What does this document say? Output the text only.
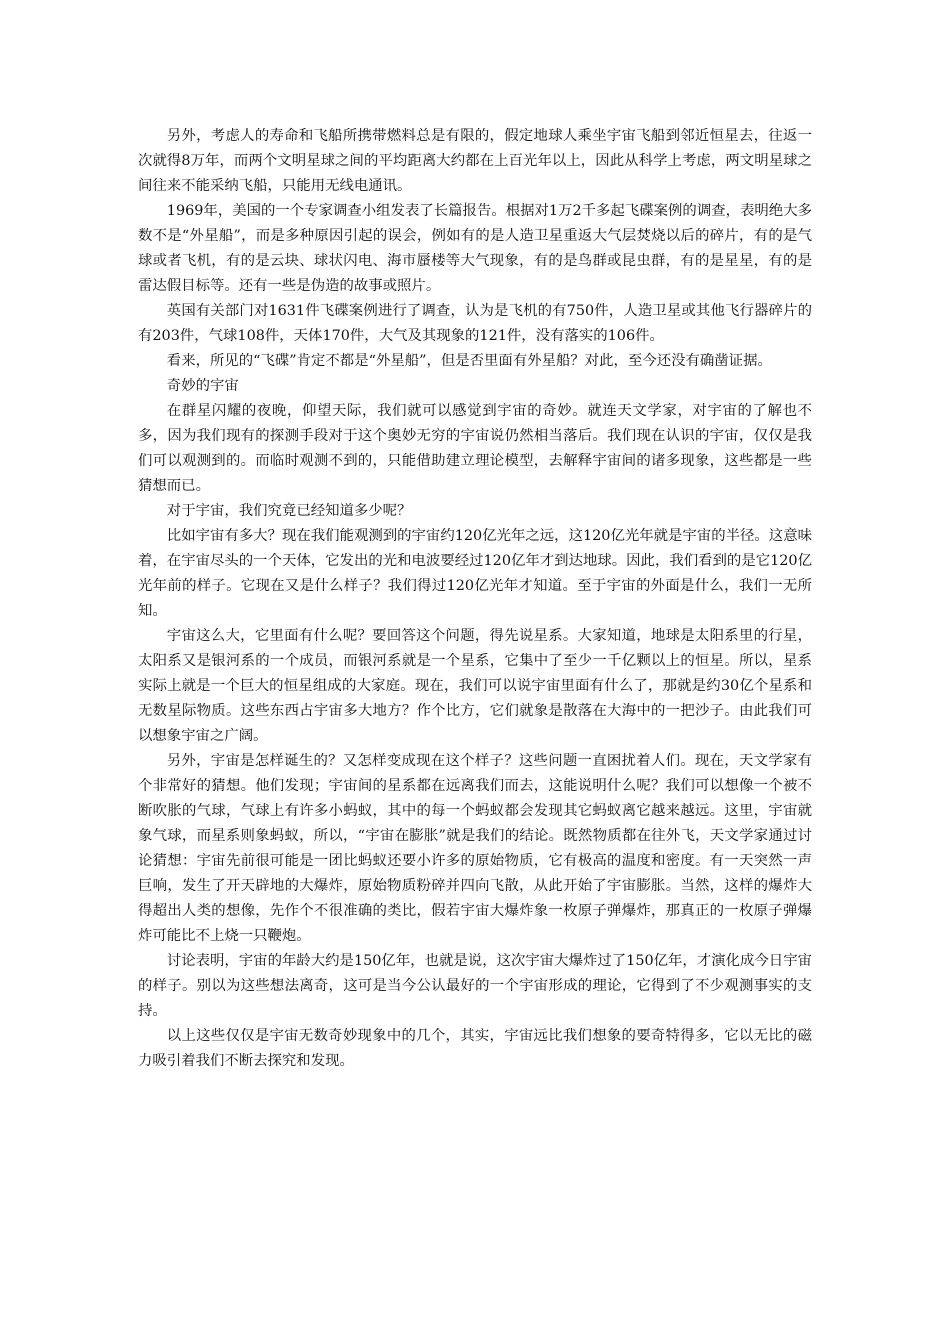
另外，考虑人的寿命和飞船所携带燃料总是有限的，假定地球人乘坐宇宙飞船到邻近恒星去，往返一次就得8万年，而两个文明星球之间的平均距离大约都在上百光年以上，因此从科学上考虑，两文明星球之间往来不能采纳飞船，只能用无线电通讯。

1969年，美国的一个专家调查小组发表了长篇报告。根据对1万2千多起飞碟案例的调查，表明绝大多数不是“外星船”，而是多种原因引起的误会，例如有的是人造卫星重返大气层焚烧以后的碎片，有的是气球或者飞机，有的是云块、球状闪电、海市蜃楼等大气现象，有的是鸟群或昆虫群，有的是星星，有的是雷达假目标等。还有一些是伪造的故事或照片。

英国有关部门对1631件飞碟案例进行了调查，认为是飞机的有750件，人造卫星或其他飞行器碎片的有203件，气球108件，天体170件，大气及其现象的121件，没有落实的106件。

看来，所见的“飞碟”肯定不都是“外星船”，但是否里面有外星船？对此，至今还没有确凿证据。

奇妙的宇宙

在群星闪耀的夜晚，仰望天际，我们就可以感觉到宇宙的奇妙。就连天文学家，对宇宙的了解也不多，因为我们现有的探测手段对于这个奥妙无穷的宇宙说仍然相当落后。我们现在认识的宇宙，仅仅是我们可以观测到的。而临时观测不到的，只能借助建立理论模型，去解释宇宙间的诸多现象，这些都是一些猜想而已。

对于宇宙，我们究竟已经知道多少呢？

比如宇宙有多大？现在我们能观测到的宇宙约120亿光年之远，这120亿光年就是宇宙的半径。这意味着，在宇宙尽头的一个天体，它发出的光和电波要经过120亿年才到达地球。因此，我们看到的是它120亿光年前的样子。它现在又是什么样子？我们得过120亿光年才知道。至于宇宙的外面是什么，我们一无所知。

宇宙这么大，它里面有什么呢？要回答这个问题，得先说星系。大家知道，地球是太阳系里的行星，太阳系又是银河系的一个成员，而银河系就是一个星系，它集中了至少一千亿颗以上的恒星。所以，星系实际上就是一个巨大的恒星组成的大家庭。现在，我们可以说宇宙里面有什么了，那就是约30亿个星系和无数星际物质。这些东西占宇宙多大地方？作个比方，它们就象是散落在大海中的一把沙子。由此我们可以想象宇宙之广阔。

另外，宇宙是怎样诞生的？又怎样变成现在这个样子？这些问题一直困扰着人们。现在，天文学家有个非常好的猜想。他们发现；宇宙间的星系都在远离我们而去，这能说明什么呢？我们可以想像一个被不断吹胀的气球，气球上有许多小蚂蚁，其中的每一个蚂蚁都会发现其它蚂蚁离它越来越远。这里，宇宙就象气球，而星系则象蚂蚁，所以，“宇宙在膨胀”就是我们的结论。既然物质都在往外飞，天文学家通过讨论猜想：宇宙先前很可能是一团比蚂蚁还要小许多的原始物质，它有极高的温度和密度。有一天突然一声巨响，发生了开天辟地的大爆炸，原始物质粉碎并四向飞散，从此开始了宇宙膨胀。当然，这样的爆炸大得超出人类的想像，先作个不很准确的类比，假若宇宙大爆炸象一枚原子弹爆炸，那真正的一枚原子弹爆炸可能比不上烧一只鞭炮。

讨论表明，宇宙的年龄大约是150亿年，也就是说，这次宇宙大爆炸过了150亿年，才演化成今日宇宙的样子。别以为这些想法离奇，这可是当今公认最好的一个宇宙形成的理论，它得到了不少观测事实的支持。

以上这些仅仅是宇宙无数奇妙现象中的几个，其实，宇宙远比我们想象的要奇特得多，它以无比的磁力吸引着我们不断去探究和发现。
